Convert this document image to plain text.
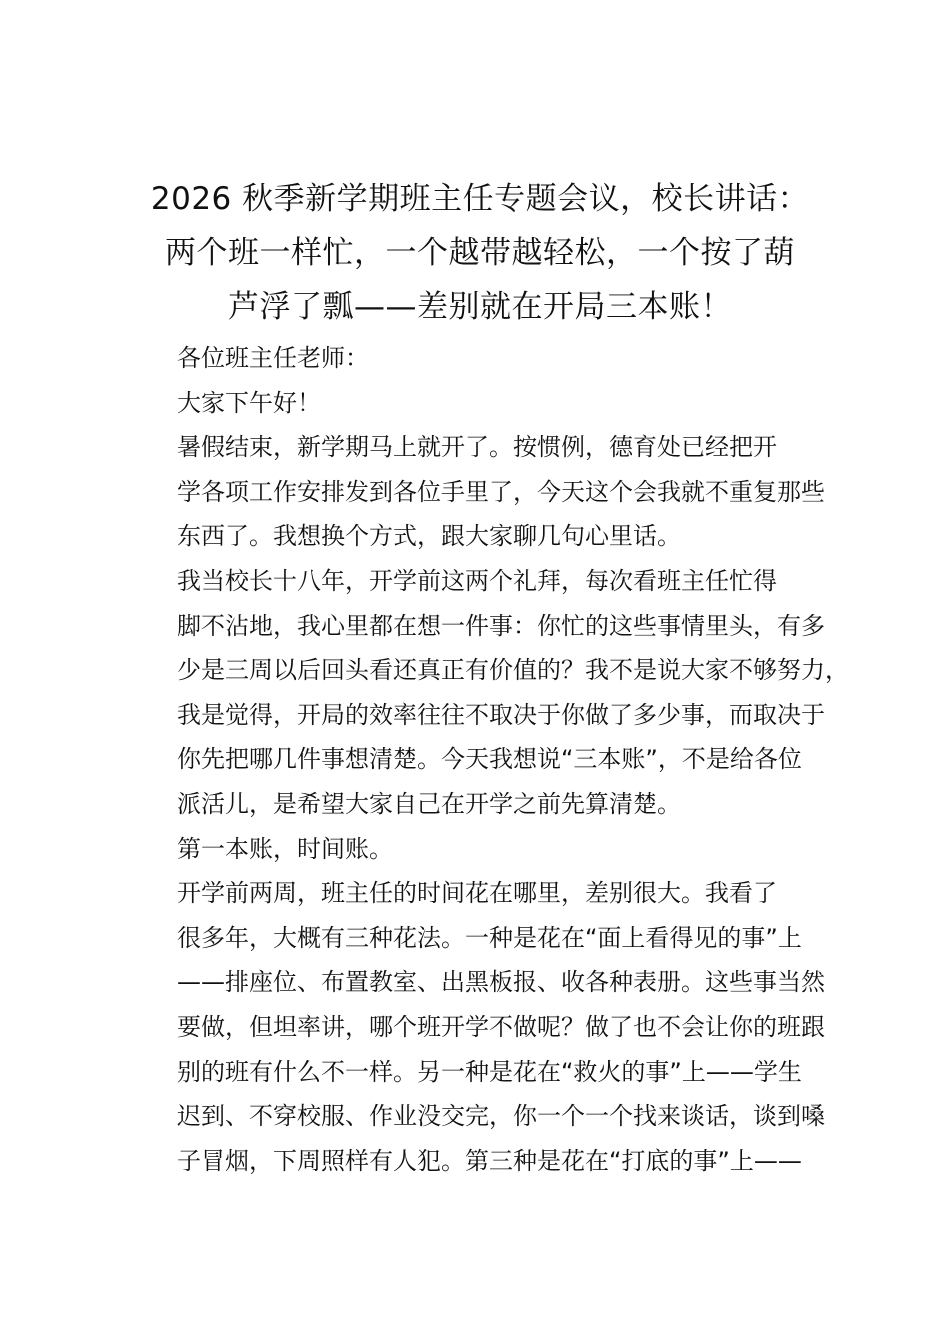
2026 秋季新学期班主任专题会议，校长讲话：
两个班一样忙，一个越带越轻松，一个按了葫
芦浮了瓢——差别就在开局三本账！

各位班主任老师：

大家下午好！

暑假结束，新学期马上就开了。按惯例，德育处已经把开
学各项工作安排发到各位手里了，今天这个会我就不重复那些
东西了。我想换个方式，跟大家聊几句心里话。

我当校长十八年，开学前这两个礼拜，每次看班主任忙得
脚不沾地，我心里都在想一件事：你忙的这些事情里头，有多
少是三周以后回头看还真正有价值的？我不是说大家不够努力，
我是觉得，开局的效率往往不取决于你做了多少事，而取决于
你先把哪几件事想清楚。今天我想说“三本账”，不是给各位
派活儿，是希望大家自己在开学之前先算清楚。

第一本账，时间账。

开学前两周，班主任的时间花在哪里，差别很大。我看了
很多年，大概有三种花法。一种是花在“面上看得见的事”上
——排座位、布置教室、出黑板报、收各种表册。这些事当然
要做，但坦率讲，哪个班开学不做呢？做了也不会让你的班跟
别的班有什么不一样。另一种是花在“救火的事”上——学生
迟到、不穿校服、作业没交完，你一个一个找来谈话，谈到嗓
子冒烟，下周照样有人犯。第三种是花在“打底的事”上——
